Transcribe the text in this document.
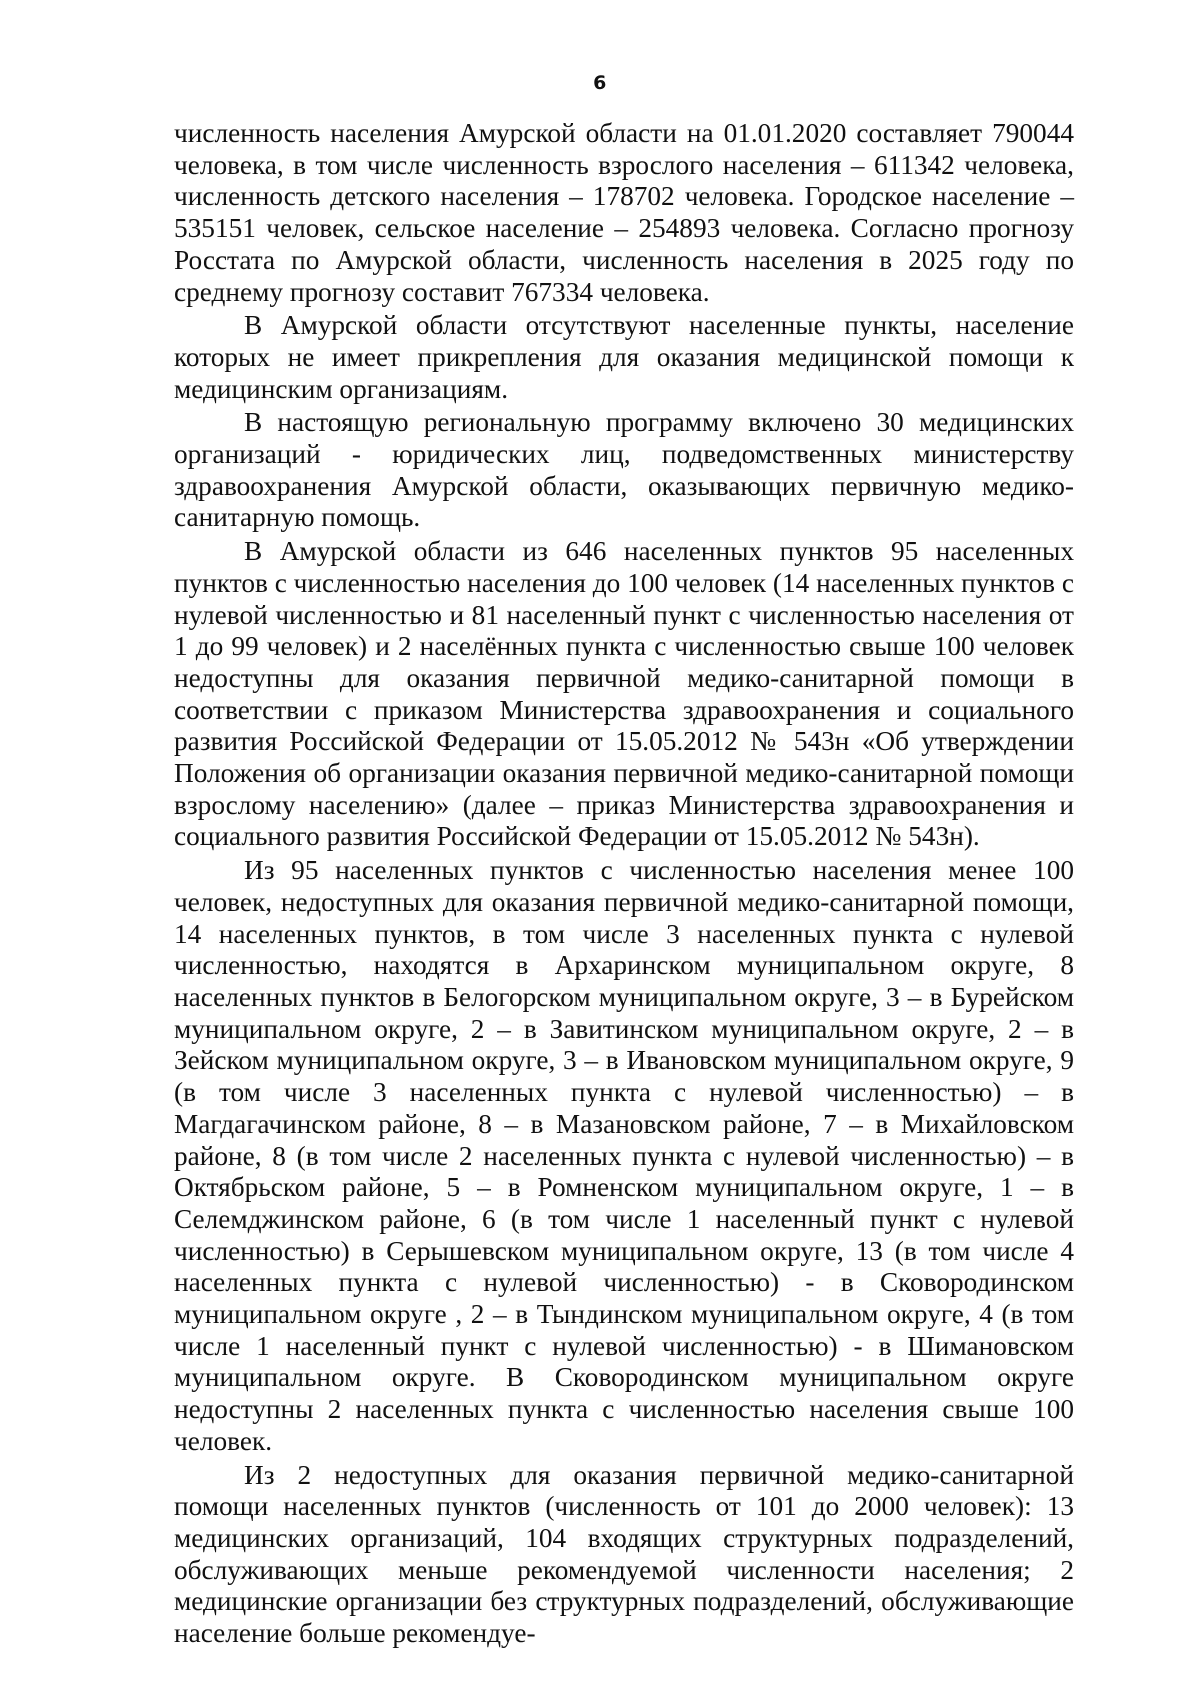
6

численность населения Амурской области на 01.01.2020 составляет 790044 человека, в том числе численность взрослого населения – 611342 человека, численность детского населения – 178702 человека. Городское население – 535151 человек, сельское население – 254893 человека. Согласно прогнозу Росстата по Амурской области, численность населения в 2025 году по среднему прогнозу составит 767334 человека.

В Амурской области отсутствуют населенные пункты, население которых не имеет прикрепления для оказания медицинской помощи к медицинским организациям.

В настоящую региональную программу включено 30 медицинских организаций - юридических лиц, подведомственных министерству здравоохранения Амурской области, оказывающих первичную медико-санитарную помощь.

В Амурской области из 646 населенных пунктов 95 населенных пунктов с численностью населения до 100 человек (14 населенных пунктов с нулевой численностью и 81 населенный пункт с численностью населения от 1 до 99 человек) и 2 населённых пункта с численностью свыше 100 человек недоступны для оказания первичной медико-санитарной помощи в соответствии с приказом Министерства здравоохранения и социального развития Российской Федерации от 15.05.2012 № 543н «Об утверждении Положения об организации оказания первичной медико-санитарной помощи взрослому населению» (далее – приказ Министерства здравоохранения и социального развития Российской Федерации от 15.05.2012 № 543н).

Из 95 населенных пунктов с численностью населения менее 100 человек, недоступных для оказания первичной медико-санитарной помощи, 14 населенных пунктов, в том числе 3 населенных пункта с нулевой численностью, находятся в Архаринском муниципальном округе, 8 населенных пунктов в Белогорском муниципальном округе, 3 – в Бурейском муниципальном округе, 2 – в Завитинском муниципальном округе, 2 – в Зейском муниципальном округе, 3 – в Ивановском муниципальном округе, 9 (в том числе 3 населенных пункта с нулевой численностью) – в Магдагачинском районе, 8 – в Мазановском районе, 7 – в Михайловском районе, 8 (в том числе 2 населенных пункта с нулевой численностью) – в Октябрьском районе, 5 – в Ромненском муниципальном округе, 1 – в Селемджинском районе, 6 (в том числе 1 населенный пункт с нулевой численностью) в Серышевском муниципальном округе, 13 (в том числе 4 населенных пункта с нулевой численностью) - в Сковородинском муниципальном округе , 2 – в Тындинском муниципальном округе, 4 (в том числе 1 населенный пункт с нулевой численностью) - в Шимановском муниципальном округе. В Сковородинском муниципальном округе недоступны 2 населенных пункта с численностью населения свыше 100 человек.

Из 2 недоступных для оказания первичной медико-санитарной помощи населенных пунктов (численность от 101 до 2000 человек): 13 медицинских организаций, 104 входящих структурных подразделений, обслуживающих меньше рекомендуемой численности населения; 2 медицинские организации без структурных подразделений, обслуживающие население больше рекомендуе-
